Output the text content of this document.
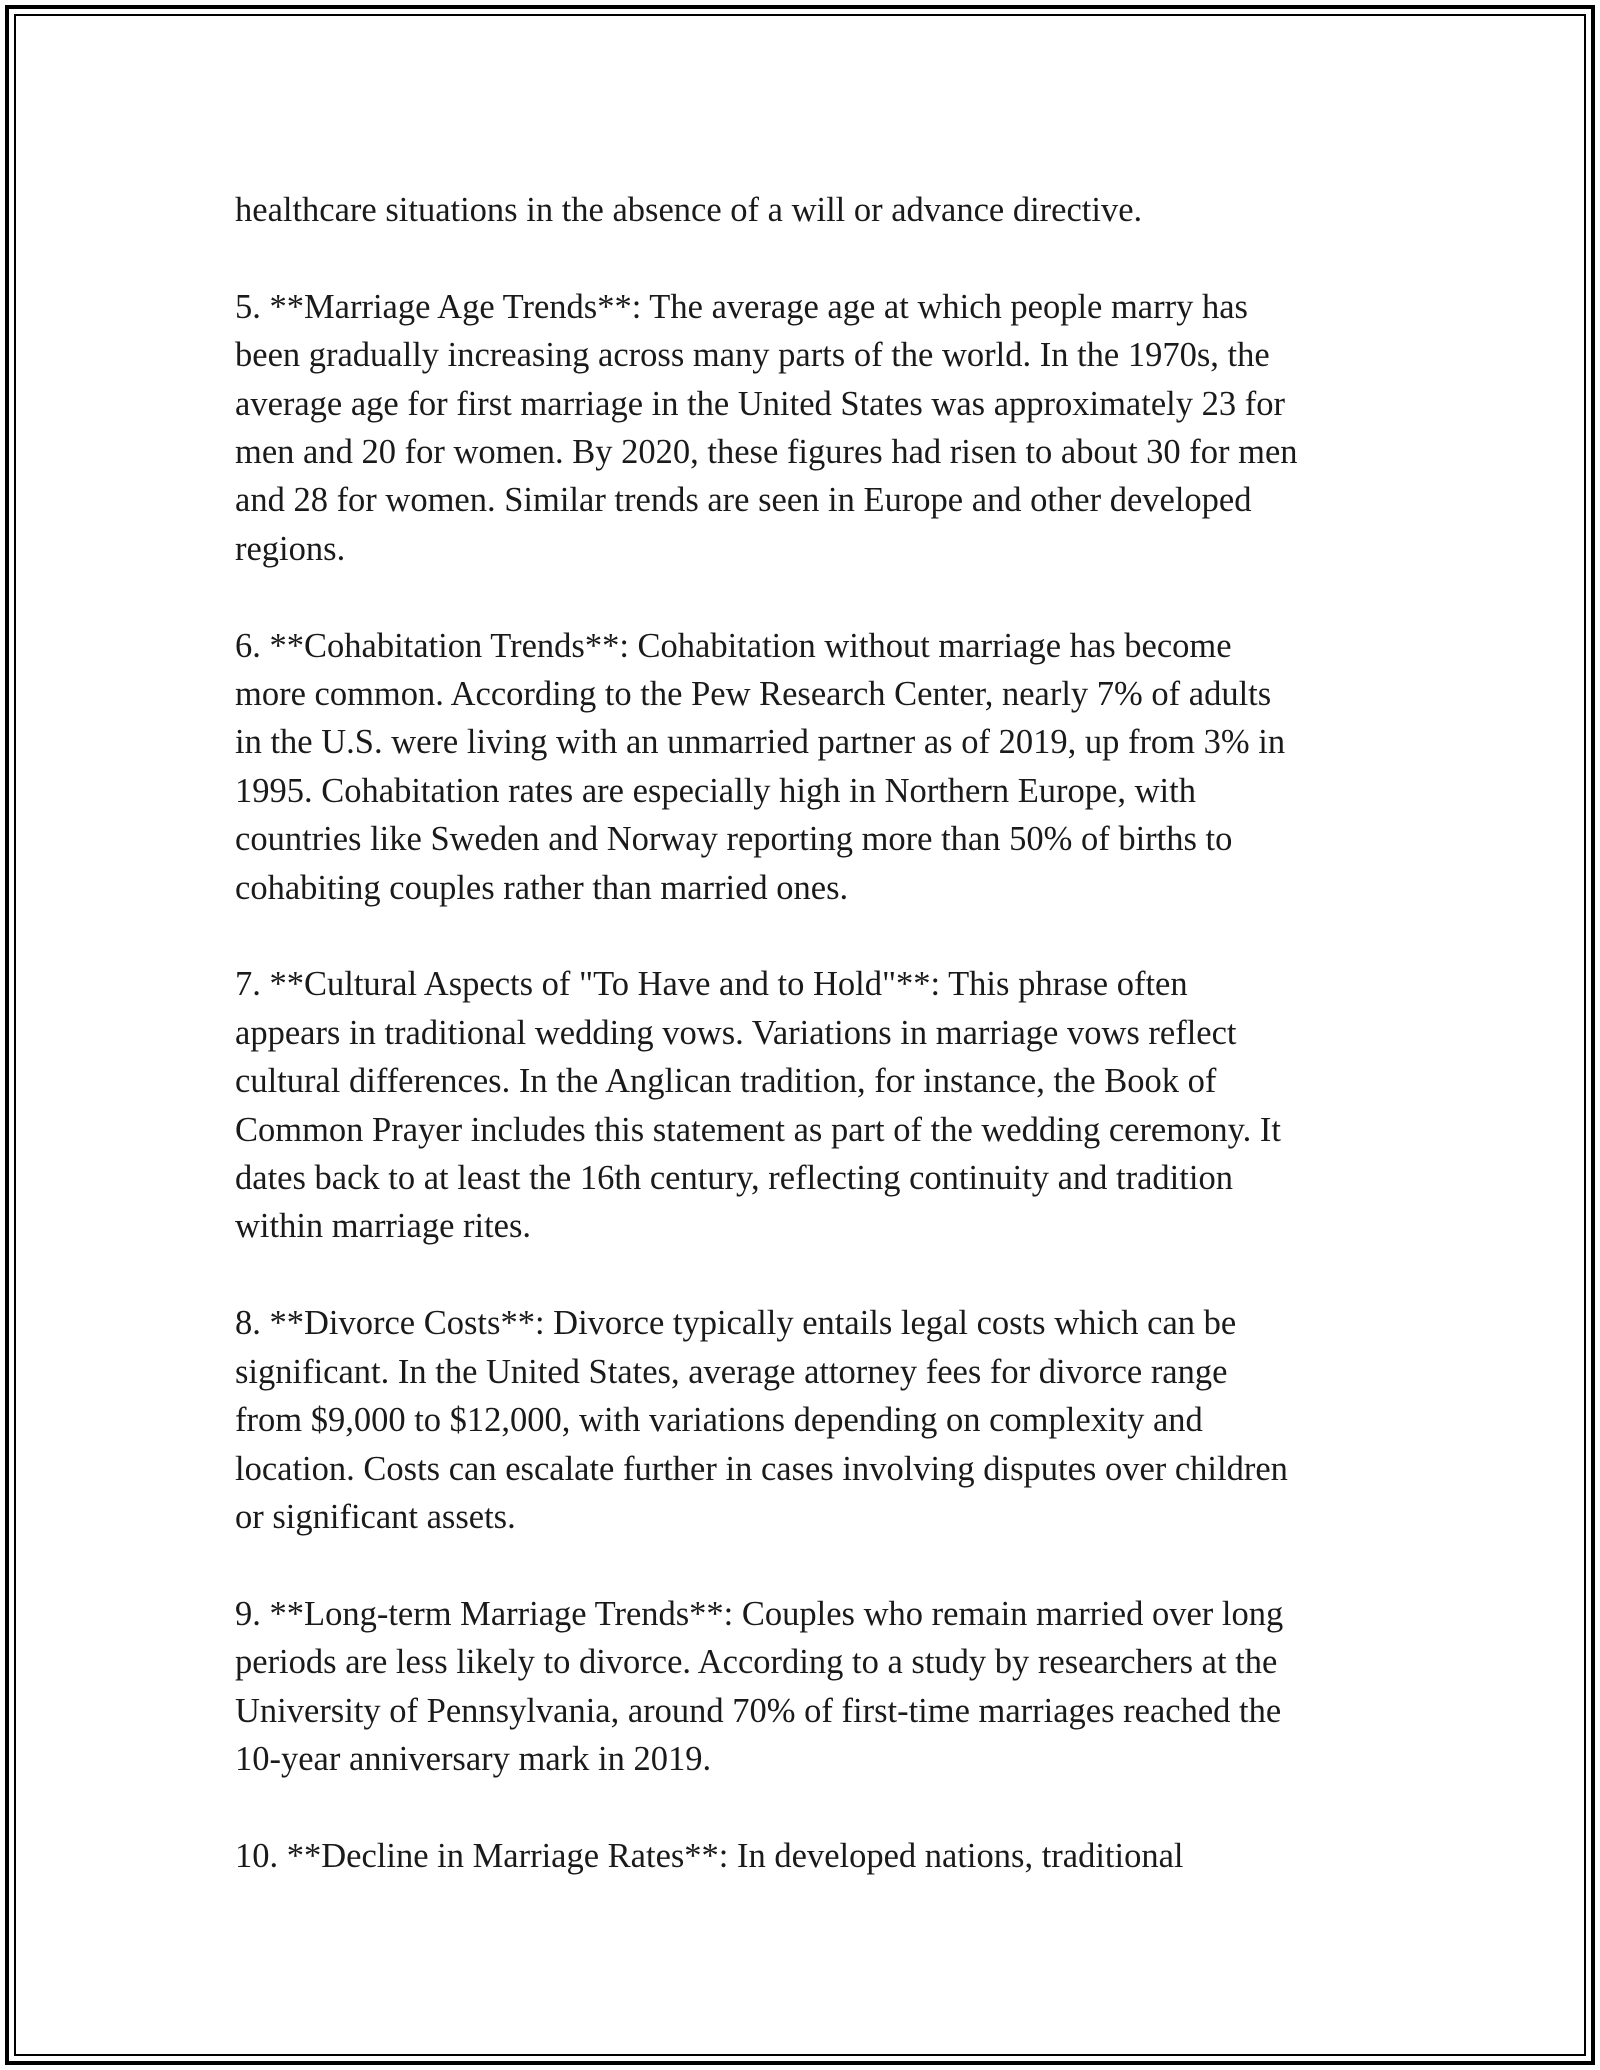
healthcare situations in the absence of a will or advance directive.

5. **Marriage Age Trends**: The average age at which people marry has
been gradually increasing across many parts of the world. In the 1970s, the
average age for first marriage in the United States was approximately 23 for
men and 20 for women. By 2020, these figures had risen to about 30 for men
and 28 for women. Similar trends are seen in Europe and other developed
regions.

6. **Cohabitation Trends**: Cohabitation without marriage has become
more common. According to the Pew Research Center, nearly 7% of adults
in the U.S. were living with an unmarried partner as of 2019, up from 3% in
1995. Cohabitation rates are especially high in Northern Europe, with
countries like Sweden and Norway reporting more than 50% of births to
cohabiting couples rather than married ones.

7. **Cultural Aspects of "To Have and to Hold"**: This phrase often
appears in traditional wedding vows. Variations in marriage vows reflect
cultural differences. In the Anglican tradition, for instance, the Book of
Common Prayer includes this statement as part of the wedding ceremony. It
dates back to at least the 16th century, reflecting continuity and tradition
within marriage rites.

8. **Divorce Costs**: Divorce typically entails legal costs which can be
significant. In the United States, average attorney fees for divorce range
from $9,000 to $12,000, with variations depending on complexity and
location. Costs can escalate further in cases involving disputes over children
or significant assets.

9. **Long-term Marriage Trends**: Couples who remain married over long
periods are less likely to divorce. According to a study by researchers at the
University of Pennsylvania, around 70% of first-time marriages reached the
10-year anniversary mark in 2019.

10. **Decline in Marriage Rates**: In developed nations, traditional
